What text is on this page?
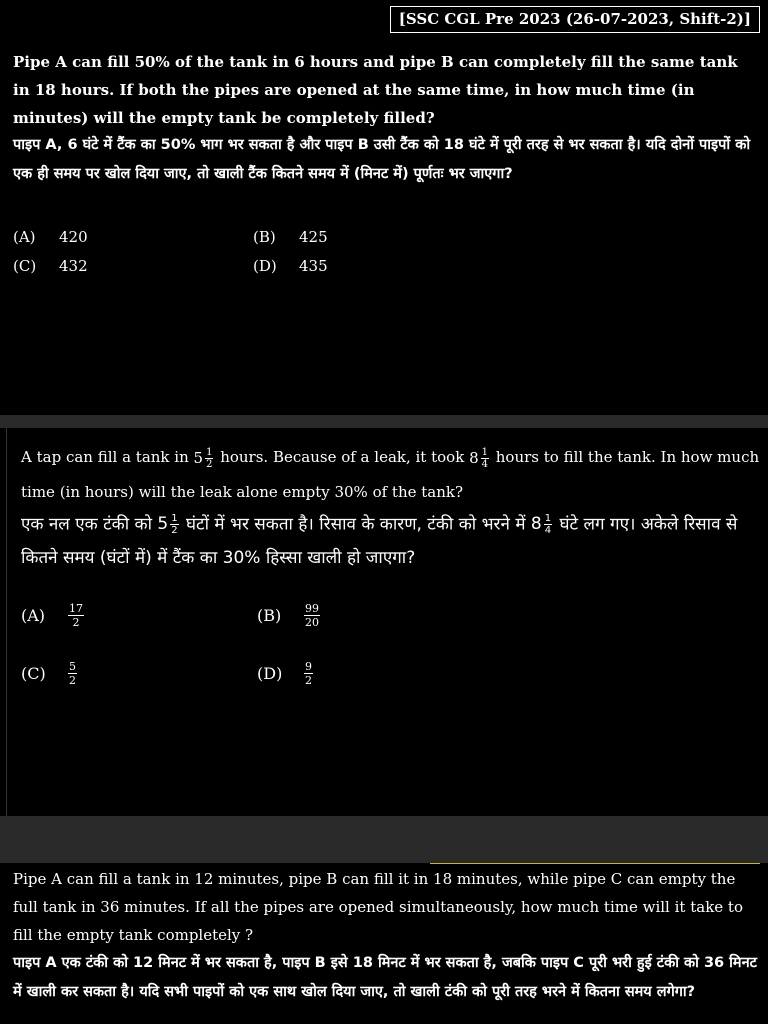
[SSC CGL Pre 2023 (26-07-2023, Shift-2)]

Pipe A can fill 50% of the tank in 6 hours and pipe B can completely fill the same tank in 18 hours. If both the pipes are opened at the same time, in how much time (in minutes) will the empty tank be completely filled?

पाइप A, 6 घंटे में टैंक का 50% भाग भर सकता है और पाइप B उसी टैंक को 18 घंटे में पूरी तरह से भर सकता है। यदि दोनों पाइपों को एक ही समय पर खोल दिया जाए, तो खाली टैंक कितने समय में (मिनट में) पूर्णतः भर जाएगा?

(A)	420	(B)	425
(C)	432	(D)	435

A tap can fill a tank in $5 \frac{1}{2}$ hours. Because of a leak, it took $8 \frac{1}{4}$ hours to fill the tank. In how much time (in hours) will the leak alone empty 30% of the tank?

एक नल एक टंकी को $5 \frac{1}{2}$ घंटों में भर सकता है। रिसाव के कारण, टंकी को भरने में $8 \frac{1}{4}$ घंटे लग गए। अकेले रिसाव से कितने समय (घंटों में) में टैंक का 30% हिस्सा खाली हो जाएगा?

(A)	$\frac{17}{2}$	(B)	$\frac{99}{20}$
(C)	$\frac{5}{2}$	(D)	$\frac{9}{2}$

Pipe A can fill a tank in 12 minutes, pipe B can fill it in 18 minutes, while pipe C can empty the full tank in 36 minutes. If all the pipes are opened simultaneously, how much time will it take to fill the empty tank completely ?

पाइप A एक टंकी को 12 मिनट में भर सकता है, पाइप B इसे 18 मिनट में भर सकता है, जबकि पाइप C पूरी भरी हुई टंकी को 36 मिनट में खाली कर सकता है। यदि सभी पाइपों को एक साथ खोल दिया जाए, तो खाली टंकी को पूरी तरह भरने में कितना समय लगेगा?
